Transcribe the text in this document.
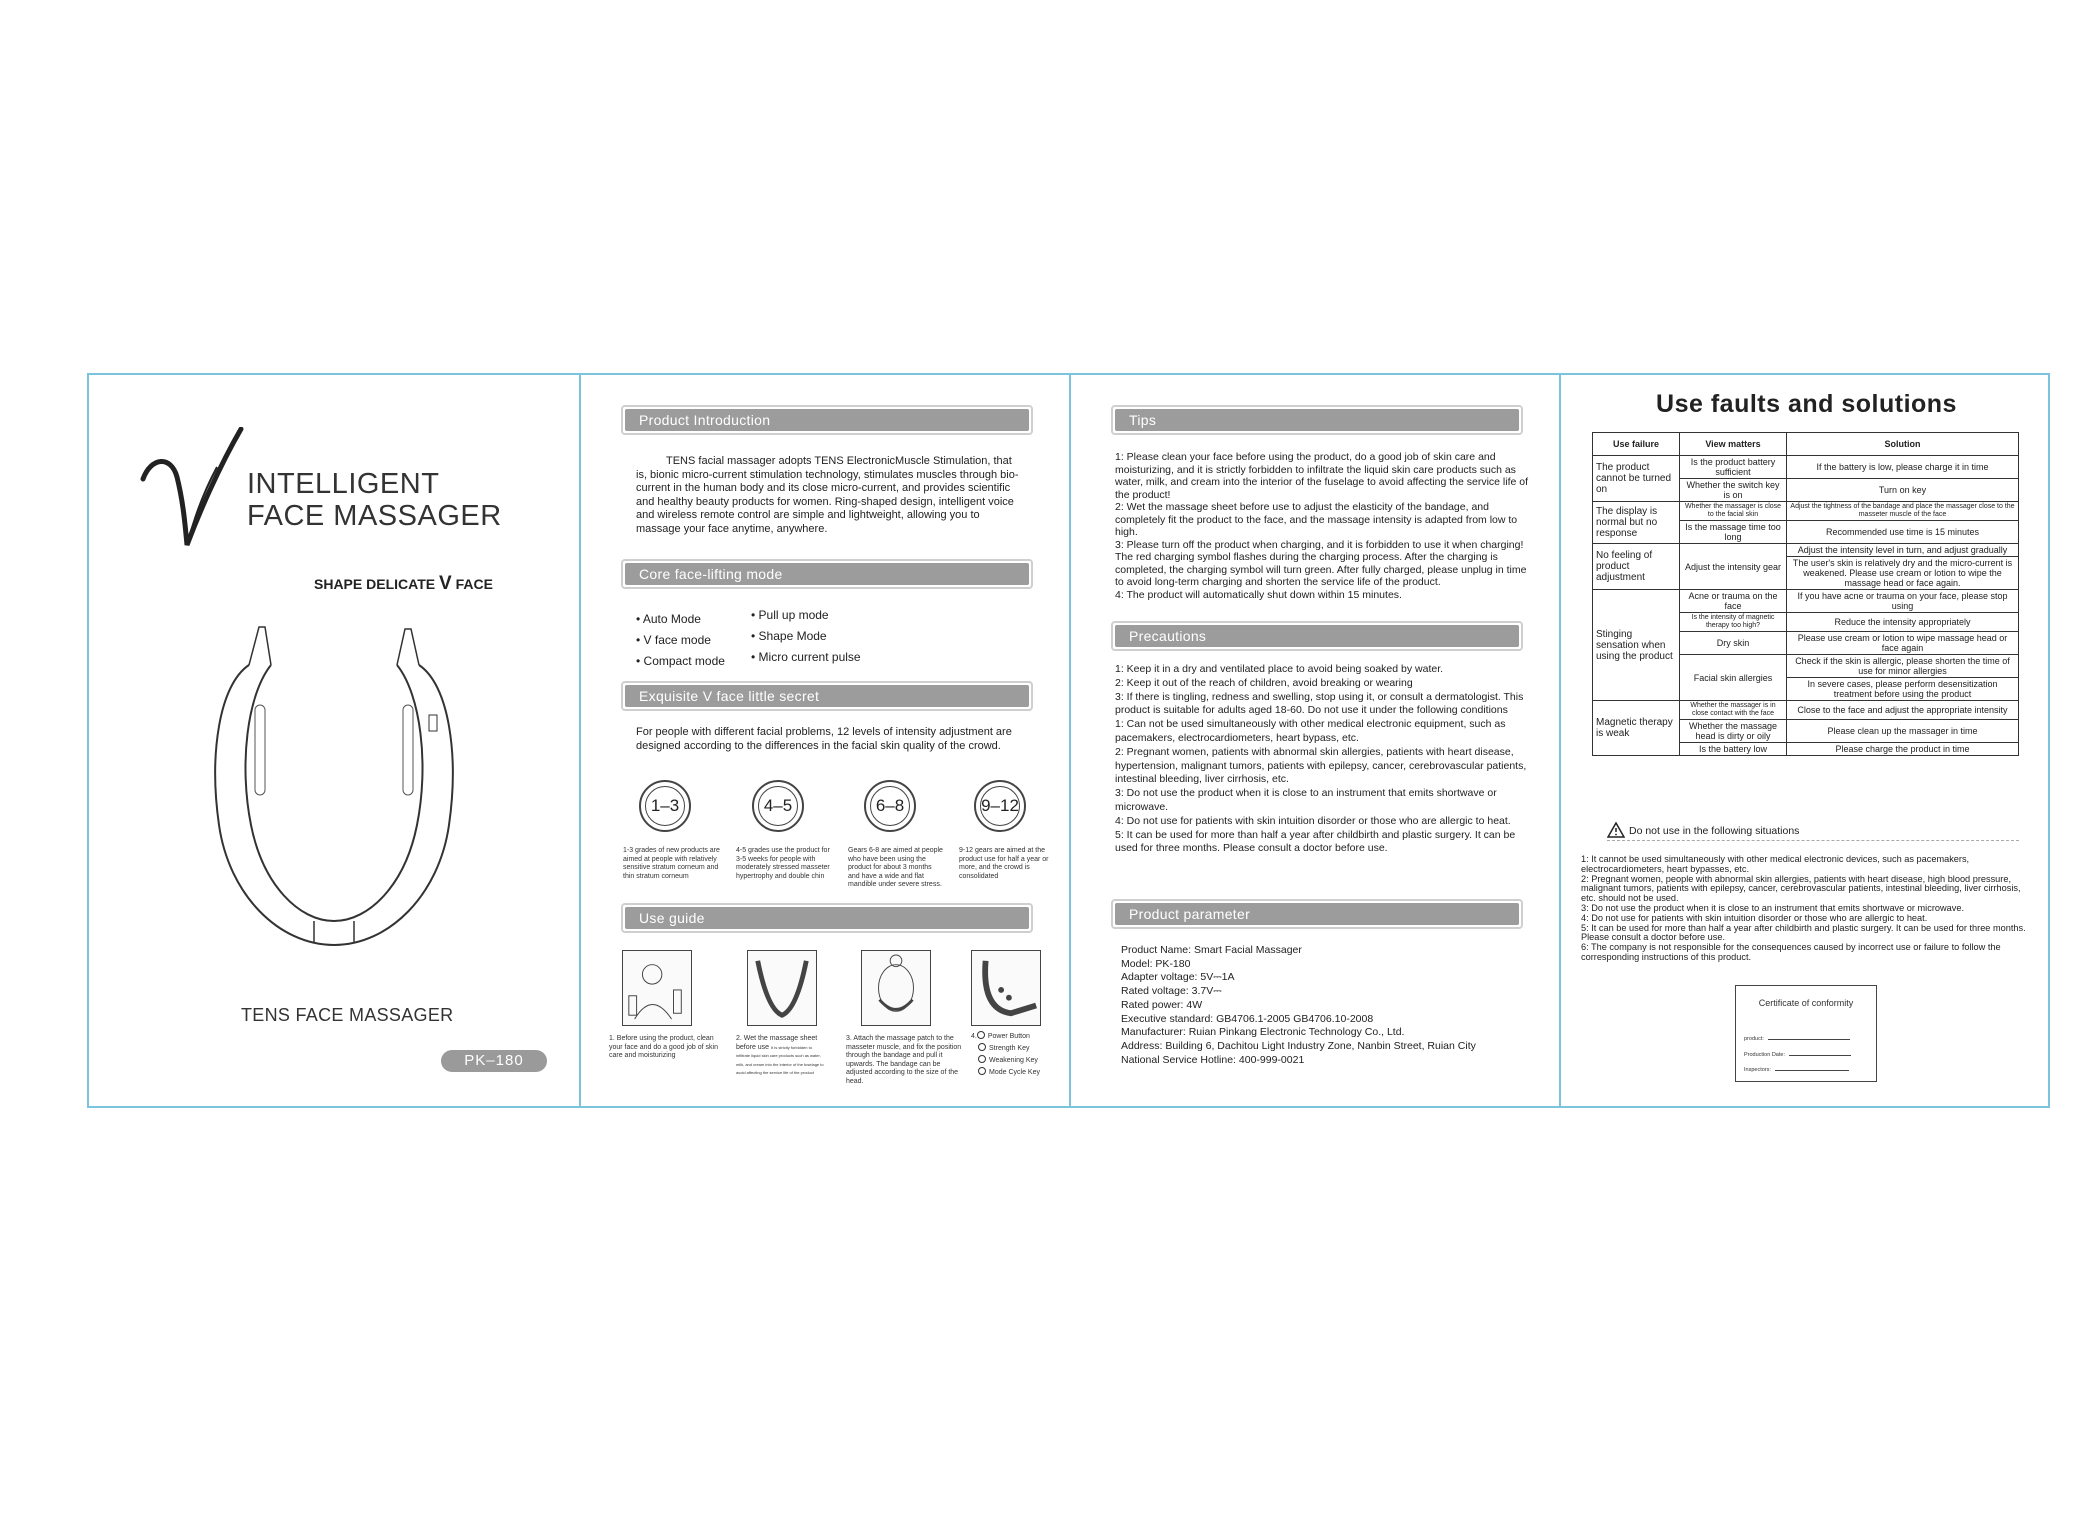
INTELLIGENT
FACE MASSAGER
SHAPE DELICATE V FACE
TENS FACE MASSAGER
PK–180
Product Introduction
TENS facial massager adopts TENS ElectronicMuscle Stimulation, that is, bionic micro-current stimulation technology, stimulates muscles through bio-current in the human body and its close micro-current, and provides scientific and healthy beauty products for women. Ring-shaped design, intelligent voice and wireless remote control are simple and lightweight, allowing you to massage your face anytime, anywhere.
Core face-lifting mode
• Auto Mode
• V face mode
• Compact mode
• Pull up mode
• Shape Mode
• Micro current pulse
Exquisite V face little secret
For people with different facial problems, 12 levels of intensity adjustment are designed according to the differences in the facial skin quality of the crowd.
1–3	4–5	6–8	9–12
1-3 grades of new products are aimed at people with relatively sensitive stratum corneum and thin stratum corneum
4-5 grades use the product for 3-5 weeks for people with moderately stressed masseter hypertrophy and double chin
Gears 6-8 are aimed at people who have been using the product for about 3 months and have a wide and flat mandible under severe stress.
9-12 gears are aimed at the product use for half a year or more, and the crowd is consolidated
Use guide
1. Before using the product, clean your face and do a good job of skin care and moisturizing
2. Wet the massage sheet before use It is strictly forbidden to infiltrate liquid skin care products such as water, milk, and cream into the interior of the fuselage to avoid affecting the service life of the product
3. Attach the massage patch to the masseter muscle, and fix the position through the bandage and pull it upwards. The bandage can be adjusted according to the size of the head.
4. Power Button
Strength Key
Weakening Key
Mode Cycle Key
Tips
1: Please clean your face before using the product, do a good job of skin care and moisturizing, and it is strictly forbidden to infiltrate the liquid skin care products such as water, milk, and cream into the interior of the fuselage to avoid affecting the service life of the product!
2: Wet the massage sheet before use to adjust the elasticity of the bandage, and completely fit the product to the face, and the massage intensity is adapted from low to high.
3: Please turn off the product when charging, and it is forbidden to use it when charging! The red charging symbol flashes during the charging process. After the charging is completed, the charging symbol will turn green. After fully charged, please unplug in time to avoid long-term charging and shorten the service life of the product.
4: The product will automatically shut down within 15 minutes.
Precautions
1: Keep it in a dry and ventilated place to avoid being soaked by water.
2: Keep it out of the reach of children, avoid breaking or wearing
3: If there is tingling, redness and swelling, stop using it, or consult a dermatologist. This product is suitable for adults aged 18-60. Do not use it under the following conditions
1: Can not be used simultaneously with other medical electronic equipment, such as pacemakers, electrocardiometers, heart bypass, etc.
2: Pregnant women, patients with abnormal skin allergies, patients with heart disease, hypertension, malignant tumors, patients with epilepsy, cancer, cerebrovascular patients, intestinal bleeding, liver cirrhosis, etc.
3: Do not use the product when it is close to an instrument that emits shortwave or microwave.
4: Do not use for patients with skin intuition disorder or those who are allergic to heat.
5: It can be used for more than half a year after childbirth and plastic surgery. It can be used for three months. Please consult a doctor before use.
Product parameter
Product Name: Smart Facial Massager
Model: PK-180
Adapter voltage: 5V⎓1A
Rated voltage: 3.7V⎓
Rated power: 4W
Executive standard: GB4706.1-2005 GB4706.10-2008
Manufacturer: Ruian Pinkang Electronic Technology Co., Ltd.
Address: Building 6, Dachitou Light Industry Zone, Nanbin Street, Ruian City
National Service Hotline: 400-999-0021
Use faults and solutions
Use failure	View matters	Solution
The product cannot be turned on	Is the product battery sufficient	If the battery is low, please charge it in time
	Whether the switch key is on	Turn on key
The display is normal but no response	Whether the massager is close to the facial skin	Adjust the tightness of the bandage and place the massager close to the masseter muscle of the face
	Is the massage time too long	Recommended use time is 15 minutes
No feeling of product adjustment	Adjust the intensity gear	Adjust the intensity level in turn, and adjust gradually
		The user's skin is relatively dry and the micro-current is weakened. Please use cream or lotion to wipe the massage head or face again.
Stinging sensation when using the product	Acne or trauma on the face	If you have acne or trauma on your face, please stop using
	Is the intensity of magnetic therapy too high?	Reduce the intensity appropriately
	Dry skin	Please use cream or lotion to wipe massage head or face again
	Facial skin allergies	Check if the skin is allergic, please shorten the time of use for minor allergies
		In severe cases, please perform desensitization treatment before using the product
Magnetic therapy is weak	Whether the massager is in close contact with the face	Close to the face and adjust the appropriate intensity
	Whether the massage head is dirty or oily	Please clean up the massager in time
	Is the battery low	Please charge the product in time
Do not use in the following situations
1: It cannot be used simultaneously with other medical electronic devices, such as pacemakers, electrocardiometers, heart bypasses, etc.
2: Pregnant women, people with abnormal skin allergies, patients with heart disease, high blood pressure, malignant tumors, patients with epilepsy, cancer, cerebrovascular patients, intestinal bleeding, liver cirrhosis, etc. should not be used.
3: Do not use the product when it is close to an instrument that emits shortwave or microwave.
4: Do not use for patients with skin intuition disorder or those who are allergic to heat.
5: It can be used for more than half a year after childbirth and plastic surgery. It can be used for three months. Please consult a doctor before use.
6: The company is not responsible for the consequences caused by incorrect use or failure to follow the corresponding instructions of this product.
Certificate of conformity
product:
Production Date:
Inspectors:
